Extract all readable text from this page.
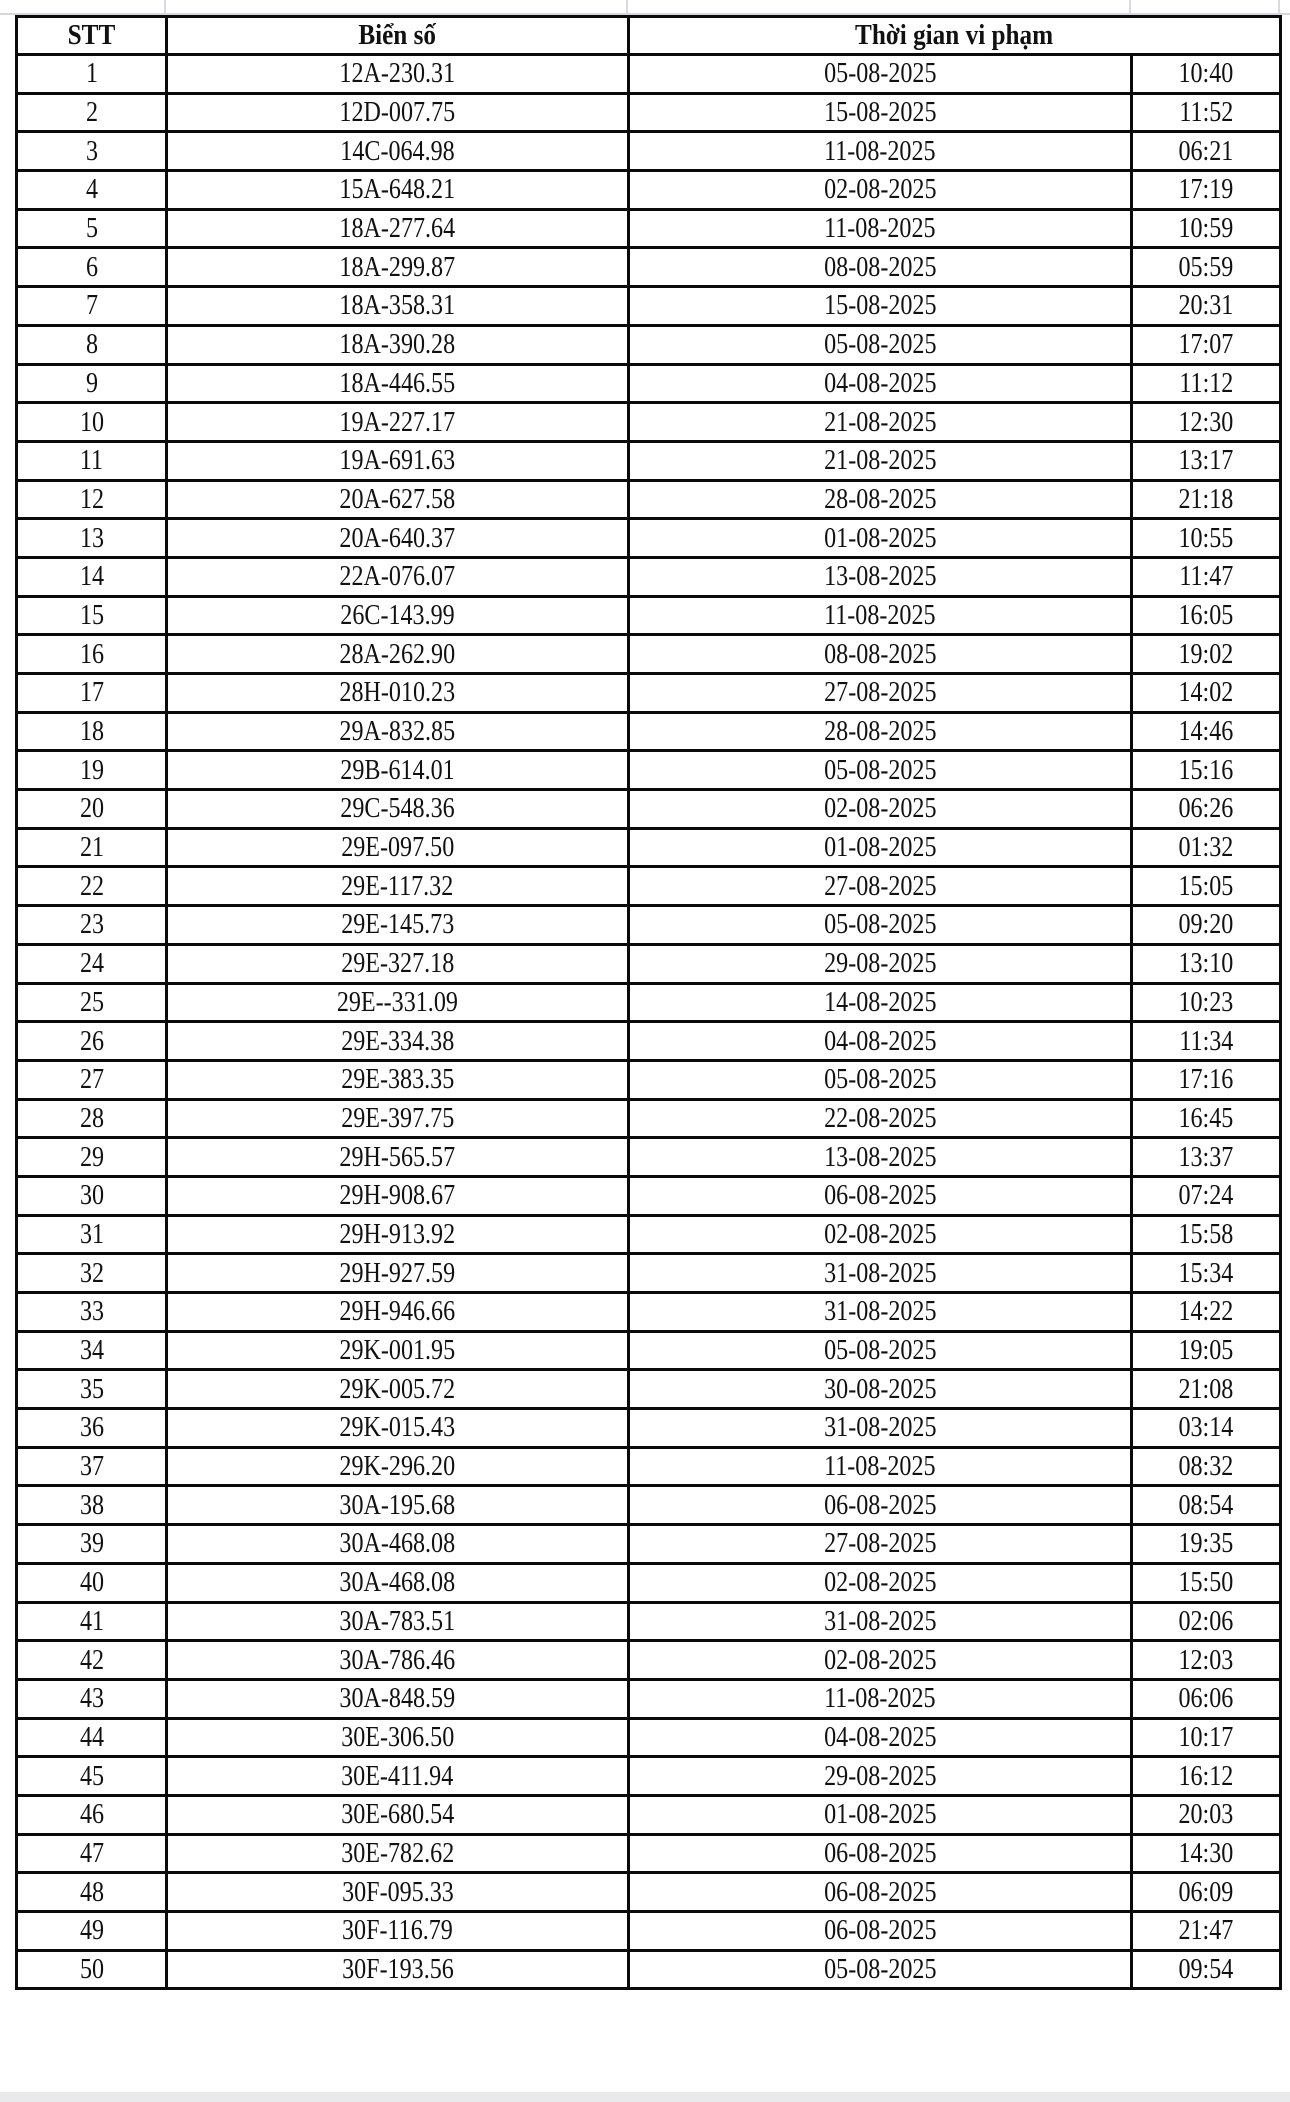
STT	Biển số	Thời gian vi phạm	
1	12A-230.31	05-08-2025	10:40
2	12D-007.75	15-08-2025	11:52
3	14C-064.98	11-08-2025	06:21
4	15A-648.21	02-08-2025	17:19
5	18A-277.64	11-08-2025	10:59
6	18A-299.87	08-08-2025	05:59
7	18A-358.31	15-08-2025	20:31
8	18A-390.28	05-08-2025	17:07
9	18A-446.55	04-08-2025	11:12
10	19A-227.17	21-08-2025	12:30
11	19A-691.63	21-08-2025	13:17
12	20A-627.58	28-08-2025	21:18
13	20A-640.37	01-08-2025	10:55
14	22A-076.07	13-08-2025	11:47
15	26C-143.99	11-08-2025	16:05
16	28A-262.90	08-08-2025	19:02
17	28H-010.23	27-08-2025	14:02
18	29A-832.85	28-08-2025	14:46
19	29B-614.01	05-08-2025	15:16
20	29C-548.36	02-08-2025	06:26
21	29E-097.50	01-08-2025	01:32
22	29E-117.32	27-08-2025	15:05
23	29E-145.73	05-08-2025	09:20
24	29E-327.18	29-08-2025	13:10
25	29E--331.09	14-08-2025	10:23
26	29E-334.38	04-08-2025	11:34
27	29E-383.35	05-08-2025	17:16
28	29E-397.75	22-08-2025	16:45
29	29H-565.57	13-08-2025	13:37
30	29H-908.67	06-08-2025	07:24
31	29H-913.92	02-08-2025	15:58
32	29H-927.59	31-08-2025	15:34
33	29H-946.66	31-08-2025	14:22
34	29K-001.95	05-08-2025	19:05
35	29K-005.72	30-08-2025	21:08
36	29K-015.43	31-08-2025	03:14
37	29K-296.20	11-08-2025	08:32
38	30A-195.68	06-08-2025	08:54
39	30A-468.08	27-08-2025	19:35
40	30A-468.08	02-08-2025	15:50
41	30A-783.51	31-08-2025	02:06
42	30A-786.46	02-08-2025	12:03
43	30A-848.59	11-08-2025	06:06
44	30E-306.50	04-08-2025	10:17
45	30E-411.94	29-08-2025	16:12
46	30E-680.54	01-08-2025	20:03
47	30E-782.62	06-08-2025	14:30
48	30F-095.33	06-08-2025	06:09
49	30F-116.79	06-08-2025	21:47
50	30F-193.56	05-08-2025	09:54
